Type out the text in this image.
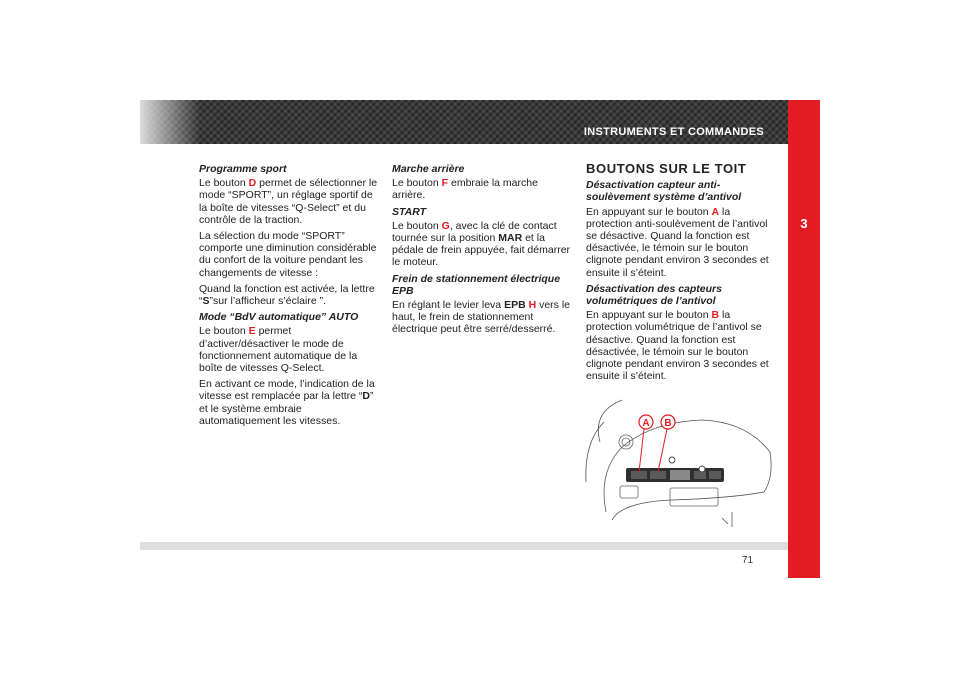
INSTRUMENTS ET COMMANDES
3

Programme sport

Le bouton D permet de sélectionner le mode “SPORT”, un réglage sportif de la boîte de vitesses “Q-Select” et du contrôle de la traction.

La sélection du mode “SPORT” comporte une diminution considérable du confort de la voiture pendant les changements de vitesse :

Quand la fonction est activée, la lettre “S”sur l’afficheur s’éclaire ”.

Mode “BdV automatique” AUTO

Le bouton E permet d’activer/désactiver le mode de fonctionnement automatique de la boîte de vitesses Q-Select.

En activant ce mode, l’indication de la vitesse est remplacée par la lettre “D” et le système embraie automatiquement les vitesses.

Marche arrière

Le bouton F embraie la marche arrière.

START

Le bouton G, avec la clé de contact tournée sur la position MAR et la pédale de frein appuyée, fait démarrer le moteur.

Frein de stationnement électrique EPB

En réglant le levier leva EPB H vers le haut, le frein de stationnement électrique peut être serré/desserré.

BOUTONS SUR LE TOIT

Désactivation capteur anti-soulèvement système d’antivol

En appuyant sur le bouton A la protection anti-soulèvement de l’antivol se désactive. Quand la fonction est désactivée, le témoin sur le bouton clignote pendant environ 3 secondes et ensuite il s’éteint.

Désactivation des capteurs volumétriques de l’antivol

En appuyant sur le bouton B la protection volumétrique de l’antivol se désactive. Quand la fonction est désactivée, le témoin sur le bouton clignote pendant environ 3 secondes et ensuite il s’éteint.

A B
71
